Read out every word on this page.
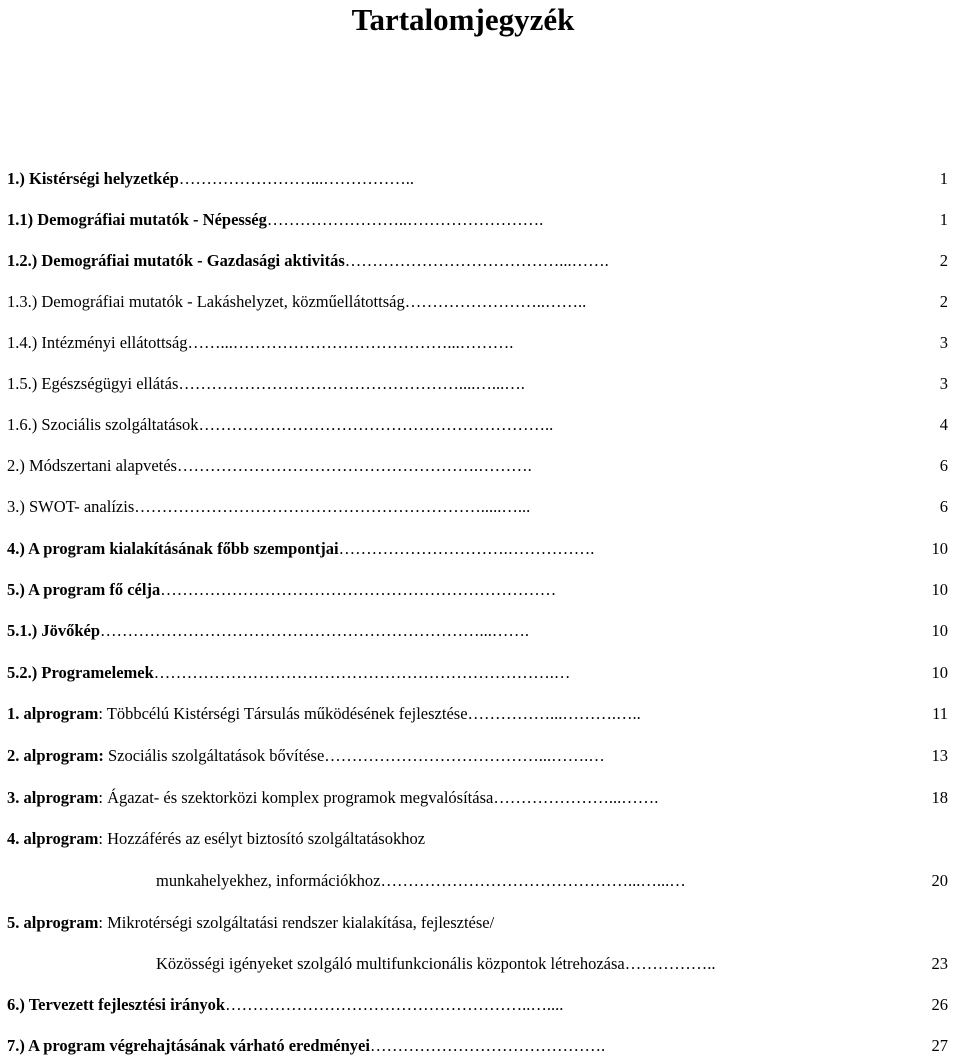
Tartalomjegyzék
1.) Kistérségi helyzetkép……………………...……………..	1
1.1) Demográfiai mutatók - Népesség……………………..…………………….	1
1.2.) Demográfiai mutatók - Gazdasági aktivitás…………………………………...…….	2
1.3.) Demográfiai mutatók - Lakáshelyzet, közműellátottság……………………..……..	2
1.4.) Intézményi ellátottság……...…………………………………...……….	3
1.5.) Egészségügyi ellátás……………………………………………....…...….	3
1.6.) Szociális szolgáltatások………………………………………………………..	4
2.) Módszertani alapvetés……………………………………………….……….	6
3.) SWOT- analízis……………………………………………………….....…...	6
4.) A program kialakításának főbb szempontjai………………………….…………….	10
5.) A program fő célja………………………………………………………………	10
5.1.) Jövőkép……………………………………………………………...…….	10
5.2.) Programelemek……………………………………………………………….…	10
1. alprogram: Többcélú Kistérségi Társulás működésének fejlesztése……………...……….…..	11
2. alprogram: Szociális szolgáltatások bővítése…………………………………...…….…	13
3. alprogram: Ágazat- és szektorközi komplex programok megvalósítása…………………...…….	18
4. alprogram: Hozzáférés az esélyt biztosító szolgáltatásokhoz
munkahelyekhez, információkhoz………………………………………...…...…	20
5. alprogram: Mikrotérségi szolgáltatási rendszer kialakítása, fejlesztése/
Közösségi igényeket szolgáló multifunkcionális központok létrehozása……………..	23
6.) Tervezett fejlesztési irányok………………………………………………..…....	26
7.) A program végrehajtásának várható eredményei…………………………………….	27
